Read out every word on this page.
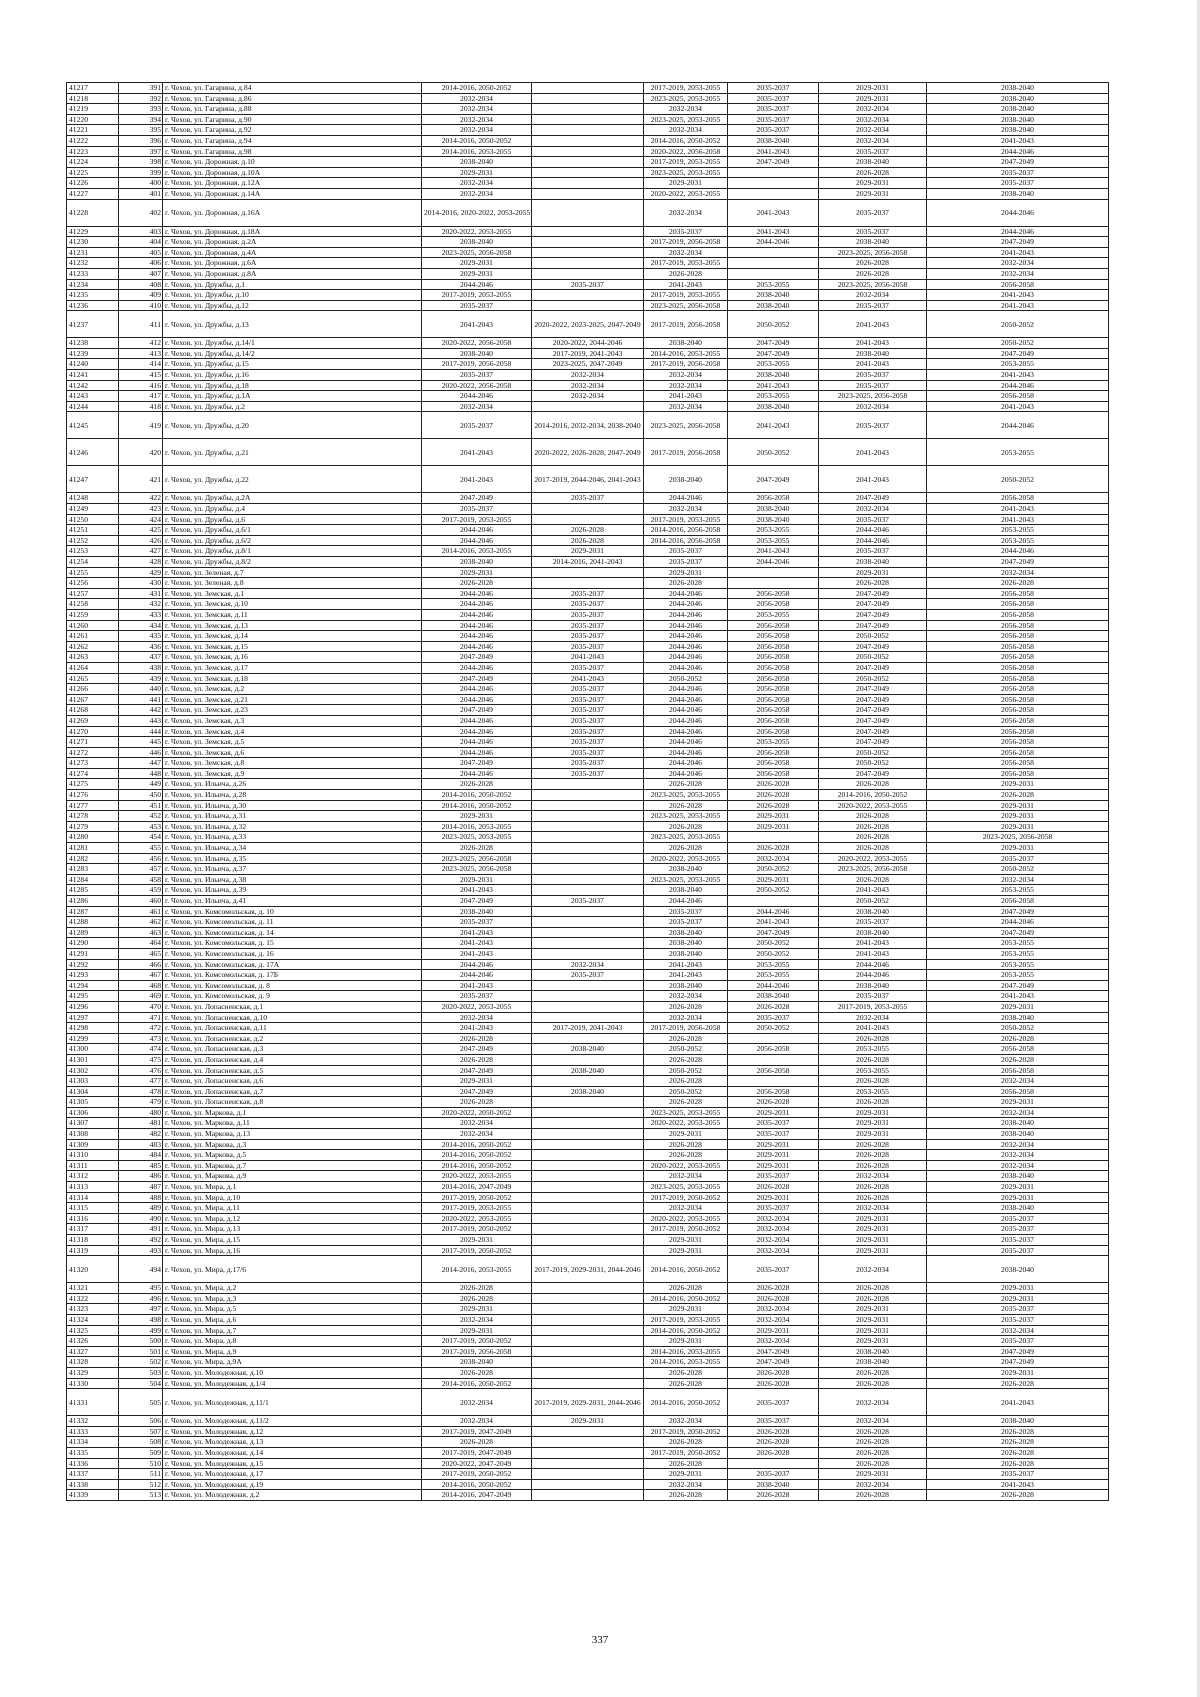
41217	391	г. Чехов, ул. Гагарина, д.84	2014-2016, 2050-2052		2017-2019, 2053-2055	2035-2037	2029-2031	2038-2040
41218	392	г. Чехов, ул. Гагарина, д.86	2032-2034		2023-2025, 2053-2055	2035-2037	2029-2031	2038-2040
41219	393	г. Чехов, ул. Гагарина, д.88	2032-2034		2032-2034	2035-2037	2032-2034	2038-2040
41220	394	г. Чехов, ул. Гагарина, д.90	2032-2034		2023-2025, 2053-2055	2035-2037	2032-2034	2038-2040
41221	395	г. Чехов, ул. Гагарина, д.92	2032-2034		2032-2034	2035-2037	2032-2034	2038-2040
41222	396	г. Чехов, ул. Гагарина, д.94	2014-2016, 2050-2052		2014-2016, 2050-2052	2038-2040	2032-2034	2041-2043
41223	397	г. Чехов, ул. Гагарина, д.98	2014-2016, 2053-2055		2020-2022, 2056-2058	2041-2043	2035-2037	2044-2046
41224	398	г. Чехов, ул. Дорожная, д.10	2038-2040		2017-2019, 2053-2055	2047-2049	2038-2040	2047-2049
41225	399	г. Чехов, ул. Дорожная, д.10А	2029-2031		2023-2025, 2053-2055		2026-2028	2035-2037
41226	400	г. Чехов, ул. Дорожная, д.12А	2032-2034		2029-2031		2029-2031	2035-2037
41227	401	г. Чехов, ул. Дорожная, д.14А	2032-2034		2020-2022, 2053-2055		2029-2031	2038-2040
41228	402	г. Чехов, ул. Дорожная, д.16А	2014-2016, 2020-2022, 2053-2055		2032-2034	2041-2043	2035-2037	2044-2046
41229	403	г. Чехов, ул. Дорожная, д.18А	2020-2022, 2053-2055		2035-2037	2041-2043	2035-2037	2044-2046
41230	404	г. Чехов, ул. Дорожная, д.2А	2038-2040		2017-2019, 2056-2058	2044-2046	2038-2040	2047-2049
41231	405	г. Чехов, ул. Дорожная, д.4А	2023-2025, 2056-2058		2032-2034		2023-2025, 2056-2058	2041-2043
41232	406	г. Чехов, ул. Дорожная, д.6А	2029-2031		2017-2019, 2053-2055		2026-2028	2032-2034
41233	407	г. Чехов, ул. Дорожная, д.8А	2029-2031		2026-2028		2026-2028	2032-2034
41234	408	г. Чехов, ул. Дружбы, д.1	2044-2046	2035-2037	2041-2043	2053-2055	2023-2025, 2056-2058	2056-2058
41235	409	г. Чехов, ул. Дружбы, д.10	2017-2019, 2053-2055		2017-2019, 2053-2055	2038-2040	2032-2034	2041-2043
41236	410	г. Чехов, ул. Дружбы, д.12	2035-2037		2023-2025, 2056-2058	2038-2040	2035-2037	2041-2043
41237	411	г. Чехов, ул. Дружбы, д.13	2041-2043	2020-2022, 2023-2025, 2047-2049	2017-2019, 2056-2058	2050-2052	2041-2043	2050-2052
41238	412	г. Чехов, ул. Дружбы, д.14/1	2020-2022, 2056-2058	2020-2022, 2044-2046	2038-2040	2047-2049	2041-2043	2050-2052
41239	413	г. Чехов, ул. Дружбы, д.14/2	2038-2040	2017-2019, 2041-2043	2014-2016, 2053-2055	2047-2049	2038-2040	2047-2049
41240	414	г. Чехов, ул. Дружбы, д.15	2017-2019, 2056-2058	2023-2025, 2047-2049	2017-2019, 2056-2058	2053-2055	2041-2043	2053-2055
41241	415	г. Чехов, ул. Дружбы, д.16	2035-2037	2032-2034	2032-2034	2038-2040	2035-2037	2041-2043
41242	416	г. Чехов, ул. Дружбы, д.18	2020-2022, 2056-2058	2032-2034	2032-2034	2041-2043	2035-2037	2044-2046
41243	417	г. Чехов, ул. Дружбы, д.1А	2044-2046	2032-2034	2041-2043	2053-2055	2023-2025, 2056-2058	2056-2058
41244	418	г. Чехов, ул. Дружбы, д.2	2032-2034		2032-2034	2038-2040	2032-2034	2041-2043
41245	419	г. Чехов, ул. Дружбы, д.20	2035-2037	2014-2016, 2032-2034, 2038-2040	2023-2025, 2056-2058	2041-2043	2035-2037	2044-2046
41246	420	г. Чехов, ул. Дружбы, д.21	2041-2043	2020-2022, 2026-2028, 2047-2049	2017-2019, 2056-2058	2050-2052	2041-2043	2053-2055
41247	421	г. Чехов, ул. Дружбы, д.22	2041-2043	2017-2019, 2044-2046, 2041-2043	2038-2040	2047-2049	2041-2043	2050-2052
41248	422	г. Чехов, ул. Дружбы, д.2А	2047-2049	2035-2037	2044-2046	2056-2058	2047-2049	2056-2058
41249	423	г. Чехов, ул. Дружбы, д.4	2035-2037		2032-2034	2038-2040	2032-2034	2041-2043
41250	424	г. Чехов, ул. Дружбы, д.6	2017-2019, 2053-2055		2017-2019, 2053-2055	2038-2040	2035-2037	2041-2043
41251	425	г. Чехов, ул. Дружбы, д.6/1	2044-2046	2026-2028	2014-2016, 2056-2058	2053-2055	2044-2046	2053-2055
41252	426	г. Чехов, ул. Дружбы, д.6/2	2044-2046	2026-2028	2014-2016, 2056-2058	2053-2055	2044-2046	2053-2055
41253	427	г. Чехов, ул. Дружбы, д.8/1	2014-2016, 2053-2055	2029-2031	2035-2037	2041-2043	2035-2037	2044-2046
41254	428	г. Чехов, ул. Дружбы, д.8/2	2038-2040	2014-2016, 2041-2043	2035-2037	2044-2046	2038-2040	2047-2049
41255	429	г. Чехов, ул. Зеленая, д.7	2029-2031		2029-2031		2029-2031	2032-2034
41256	430	г. Чехов, ул. Зеленая, д.8	2026-2028		2026-2028		2026-2028	2026-2028
41257	431	г. Чехов, ул. Земская, д.1	2044-2046	2035-2037	2044-2046	2056-2058	2047-2049	2056-2058
41258	432	г. Чехов, ул. Земская, д.10	2044-2046	2035-2037	2044-2046	2056-2058	2047-2049	2056-2058
41259	433	г. Чехов, ул. Земская, д.11	2044-2046	2035-2037	2044-2046	2053-2055	2047-2049	2056-2058
41260	434	г. Чехов, ул. Земская, д.13	2044-2046	2035-2037	2044-2046	2056-2058	2047-2049	2056-2058
41261	435	г. Чехов, ул. Земская, д.14	2044-2046	2035-2037	2044-2046	2056-2058	2050-2052	2056-2058
41262	436	г. Чехов, ул. Земская, д.15	2044-2046	2035-2037	2044-2046	2056-2058	2047-2049	2056-2058
41263	437	г. Чехов, ул. Земская, д.16	2047-2049	2041-2043	2044-2046	2056-2058	2050-2052	2056-2058
41264	438	г. Чехов, ул. Земская, д.17	2044-2046	2035-2037	2044-2046	2056-2058	2047-2049	2056-2058
41265	439	г. Чехов, ул. Земская, д.18	2047-2049	2041-2043	2050-2052	2056-2058	2050-2052	2056-2058
41266	440	г. Чехов, ул. Земская, д.2	2044-2046	2035-2037	2044-2046	2056-2058	2047-2049	2056-2058
41267	441	г. Чехов, ул. Земская, д.21	2044-2046	2035-2037	2044-2046	2056-2058	2047-2049	2056-2058
41268	442	г. Чехов, ул. Земская, д.23	2047-2049	2035-2037	2044-2046	2056-2058	2047-2049	2056-2058
41269	443	г. Чехов, ул. Земская, д.3	2044-2046	2035-2037	2044-2046	2056-2058	2047-2049	2056-2058
41270	444	г. Чехов, ул. Земская, д.4	2044-2046	2035-2037	2044-2046	2056-2058	2047-2049	2056-2058
41271	445	г. Чехов, ул. Земская, д.5	2044-2046	2035-2037	2044-2046	2053-2055	2047-2049	2056-2058
41272	446	г. Чехов, ул. Земская, д.6	2044-2046	2035-2037	2044-2046	2056-2058	2050-2052	2056-2058
41273	447	г. Чехов, ул. Земская, д.8	2047-2049	2035-2037	2044-2046	2056-2058	2050-2052	2056-2058
41274	448	г. Чехов, ул. Земская, д.9	2044-2046	2035-2037	2044-2046	2056-2058	2047-2049	2056-2058
41275	449	г. Чехов, ул. Ильича, д.26	2026-2028		2026-2028	2026-2028	2026-2028	2029-2031
41276	450	г. Чехов, ул. Ильича, д.28	2014-2016, 2050-2052		2023-2025, 2053-2055	2026-2028	2014-2016, 2050-2052	2026-2028
41277	451	г. Чехов, ул. Ильича, д.30	2014-2016, 2050-2052		2026-2028	2026-2028	2020-2022, 2053-2055	2029-2031
41278	452	г. Чехов, ул. Ильича, д.31	2029-2031		2023-2025, 2053-2055	2029-2031	2026-2028	2029-2031
41279	453	г. Чехов, ул. Ильича, д.32	2014-2016, 2053-2055		2026-2028	2029-2031	2026-2028	2029-2031
41280	454	г. Чехов, ул. Ильича, д.33	2023-2025, 2053-2055		2023-2025, 2053-2055		2026-2028	2023-2025, 2056-2058
41281	455	г. Чехов, ул. Ильича, д.34	2026-2028		2026-2028	2026-2028	2026-2028	2029-2031
41282	456	г. Чехов, ул. Ильича, д.35	2023-2025, 2056-2058		2020-2022, 2053-2055	2032-2034	2020-2022, 2053-2055	2035-2037
41283	457	г. Чехов, ул. Ильича, д.37	2023-2025, 2056-2058		2038-2040	2050-2052	2023-2025, 2056-2058	2050-2052
41284	458	г. Чехов, ул. Ильича, д.38	2029-2031		2023-2025, 2053-2055	2029-2031	2026-2028	2032-2034
41285	459	г. Чехов, ул. Ильича, д.39	2041-2043		2038-2040	2050-2052	2041-2043	2053-2055
41286	460	г. Чехов, ул. Ильича, д.41	2047-2049	2035-2037	2044-2046		2050-2052	2056-2058
41287	461	г. Чехов, ул. Комсомольская, д. 10	2038-2040		2035-2037	2044-2046	2038-2040	2047-2049
41288	462	г. Чехов, ул. Комсомольская, д. 11	2035-2037		2035-2037	2041-2043	2035-2037	2044-2046
41289	463	г. Чехов, ул. Комсомольская, д. 14	2041-2043		2038-2040	2047-2049	2038-2040	2047-2049
41290	464	г. Чехов, ул. Комсомольская, д. 15	2041-2043		2038-2040	2050-2052	2041-2043	2053-2055
41291	465	г. Чехов, ул. Комсомольская, д. 16	2041-2043		2038-2040	2050-2052	2041-2043	2053-2055
41292	466	г. Чехов, ул. Комсомольская, д. 17А	2044-2046	2032-2034	2041-2043	2053-2055	2044-2046	2053-2055
41293	467	г. Чехов, ул. Комсомольская, д. 17Б	2044-2046	2035-2037	2041-2043	2053-2055	2044-2046	2053-2055
41294	468	г. Чехов, ул. Комсомольская, д. 8	2041-2043		2038-2040	2044-2046	2038-2040	2047-2049
41295	469	г. Чехов, ул. Комсомольская, д. 9	2035-2037		2032-2034	2038-2040	2035-2037	2041-2043
41296	470	г. Чехов, ул. Лопасненская, д.1	2020-2022, 2053-2055		2026-2028	2026-2028	2017-2019, 2053-2055	2029-2031
41297	471	г. Чехов, ул. Лопасненская, д.10	2032-2034		2032-2034	2035-2037	2032-2034	2038-2040
41298	472	г. Чехов, ул. Лопасненская, д.11	2041-2043	2017-2019, 2041-2043	2017-2019, 2056-2058	2050-2052	2041-2043	2050-2052
41299	473	г. Чехов, ул. Лопасненская, д.2	2026-2028		2026-2028		2026-2028	2026-2028
41300	474	г. Чехов, ул. Лопасненская, д.3	2047-2049	2038-2040	2050-2052	2056-2058	2053-2055	2056-2058
41301	475	г. Чехов, ул. Лопасненская, д.4	2026-2028		2026-2028		2026-2028	2026-2028
41302	476	г. Чехов, ул. Лопасненская, д.5	2047-2049	2038-2040	2050-2052	2056-2058	2053-2055	2056-2058
41303	477	г. Чехов, ул. Лопасненская, д.6	2029-2031		2026-2028		2026-2028	2032-2034
41304	478	г. Чехов, ул. Лопасненская, д.7	2047-2049	2038-2040	2050-2052	2056-2058	2053-2055	2056-2058
41305	479	г. Чехов, ул. Лопасненская, д.8	2026-2028		2026-2028	2026-2028	2026-2028	2029-2031
41306	480	г. Чехов, ул. Маркова, д.1	2020-2022, 2050-2052		2023-2025, 2053-2055	2029-2031	2029-2031	2032-2034
41307	481	г. Чехов, ул. Маркова, д.11	2032-2034		2020-2022, 2053-2055	2035-2037	2029-2031	2038-2040
41308	482	г. Чехов, ул. Маркова, д.13	2032-2034		2029-2031	2035-2037	2029-2031	2038-2040
41309	483	г. Чехов, ул. Маркова, д.3	2014-2016, 2050-2052		2026-2028	2029-2031	2026-2028	2032-2034
41310	484	г. Чехов, ул. Маркова, д.5	2014-2016, 2050-2052		2026-2028	2029-2031	2026-2028	2032-2034
41311	485	г. Чехов, ул. Маркова, д.7	2014-2016, 2050-2052		2020-2022, 2053-2055	2029-2031	2026-2028	2032-2034
41312	486	г. Чехов, ул. Маркова, д.9	2020-2022, 2053-2055		2032-2034	2035-2037	2032-2034	2038-2040
41313	487	г. Чехов, ул. Мира, д.1	2014-2016, 2047-2049		2023-2025, 2053-2055	2026-2028	2026-2028	2029-2031
41314	488	г. Чехов, ул. Мира, д.10	2017-2019, 2050-2052		2017-2019, 2050-2052	2029-2031	2026-2028	2029-2031
41315	489	г. Чехов, ул. Мира, д.11	2017-2019, 2053-2055		2032-2034	2035-2037	2032-2034	2038-2040
41316	490	г. Чехов, ул. Мира, д.12	2020-2022, 2053-2055		2020-2022, 2053-2055	2032-2034	2029-2031	2035-2037
41317	491	г. Чехов, ул. Мира, д.13	2017-2019, 2050-2052		2017-2019, 2050-2052	2032-2034	2029-2031	2035-2037
41318	492	г. Чехов, ул. Мира, д.15	2029-2031		2029-2031	2032-2034	2029-2031	2035-2037
41319	493	г. Чехов, ул. Мира, д.16	2017-2019, 2050-2052		2029-2031	2032-2034	2029-2031	2035-2037
41320	494	г. Чехов, ул. Мира, д.17/6	2014-2016, 2053-2055	2017-2019, 2029-2031, 2044-2046	2014-2016, 2050-2052	2035-2037	2032-2034	2038-2040
41321	495	г. Чехов, ул. Мира, д.2	2026-2028		2026-2028	2026-2028	2026-2028	2029-2031
41322	496	г. Чехов, ул. Мира, д.3	2026-2028		2014-2016, 2050-2052	2026-2028	2026-2028	2029-2031
41323	497	г. Чехов, ул. Мира, д.5	2029-2031		2029-2031	2032-2034	2029-2031	2035-2037
41324	498	г. Чехов, ул. Мира, д.6	2032-2034		2017-2019, 2053-2055	2032-2034	2029-2031	2035-2037
41325	499	г. Чехов, ул. Мира, д.7	2029-2031		2014-2016, 2050-2052	2029-2031	2029-2031	2032-2034
41326	500	г. Чехов, ул. Мира, д.8	2017-2019, 2050-2052		2029-2031	2032-2034	2029-2031	2035-2037
41327	501	г. Чехов, ул. Мира, д.9	2017-2019, 2056-2058		2014-2016, 2053-2055	2047-2049	2038-2040	2047-2049
41328	502	г. Чехов, ул. Мира, д.9А	2038-2040		2014-2016, 2053-2055	2047-2049	2038-2040	2047-2049
41329	503	г. Чехов, ул. Молодежная, д.10	2026-2028		2026-2028	2026-2028	2026-2028	2029-2031
41330	504	г. Чехов, ул. Молодежная, д.1/4	2014-2016, 2050-2052		2026-2028	2026-2028	2026-2028	2026-2028
41331	505	г. Чехов, ул. Молодежная, д.11/1	2032-2034	2017-2019, 2029-2031, 2044-2046	2014-2016, 2050-2052	2035-2037	2032-2034	2041-2043
41332	506	г. Чехов, ул. Молодежная, д.11/2	2032-2034	2029-2031	2032-2034	2035-2037	2032-2034	2038-2040
41333	507	г. Чехов, ул. Молодежная, д.12	2017-2019, 2047-2049		2017-2019, 2050-2052	2026-2028	2026-2028	2026-2028
41334	508	г. Чехов, ул. Молодежная, д.13	2026-2028		2026-2028	2026-2028	2026-2028	2026-2028
41335	509	г. Чехов, ул. Молодежная, д.14	2017-2019, 2047-2049		2017-2019, 2050-2052	2026-2028	2026-2028	2026-2028
41336	510	г. Чехов, ул. Молодежная, д.15	2020-2022, 2047-2049		2026-2028		2026-2028	2026-2028
41337	511	г. Чехов, ул. Молодежная, д.17	2017-2019, 2050-2052		2029-2031	2035-2037	2029-2031	2035-2037
41338	512	г. Чехов, ул. Молодежная, д.19	2014-2016, 2050-2052		2032-2034	2038-2040	2032-2034	2041-2043
41339	513	г. Чехов, ул. Молодежная, д.2	2014-2016, 2047-2049		2026-2028	2026-2028	2026-2028	2026-2028
337
